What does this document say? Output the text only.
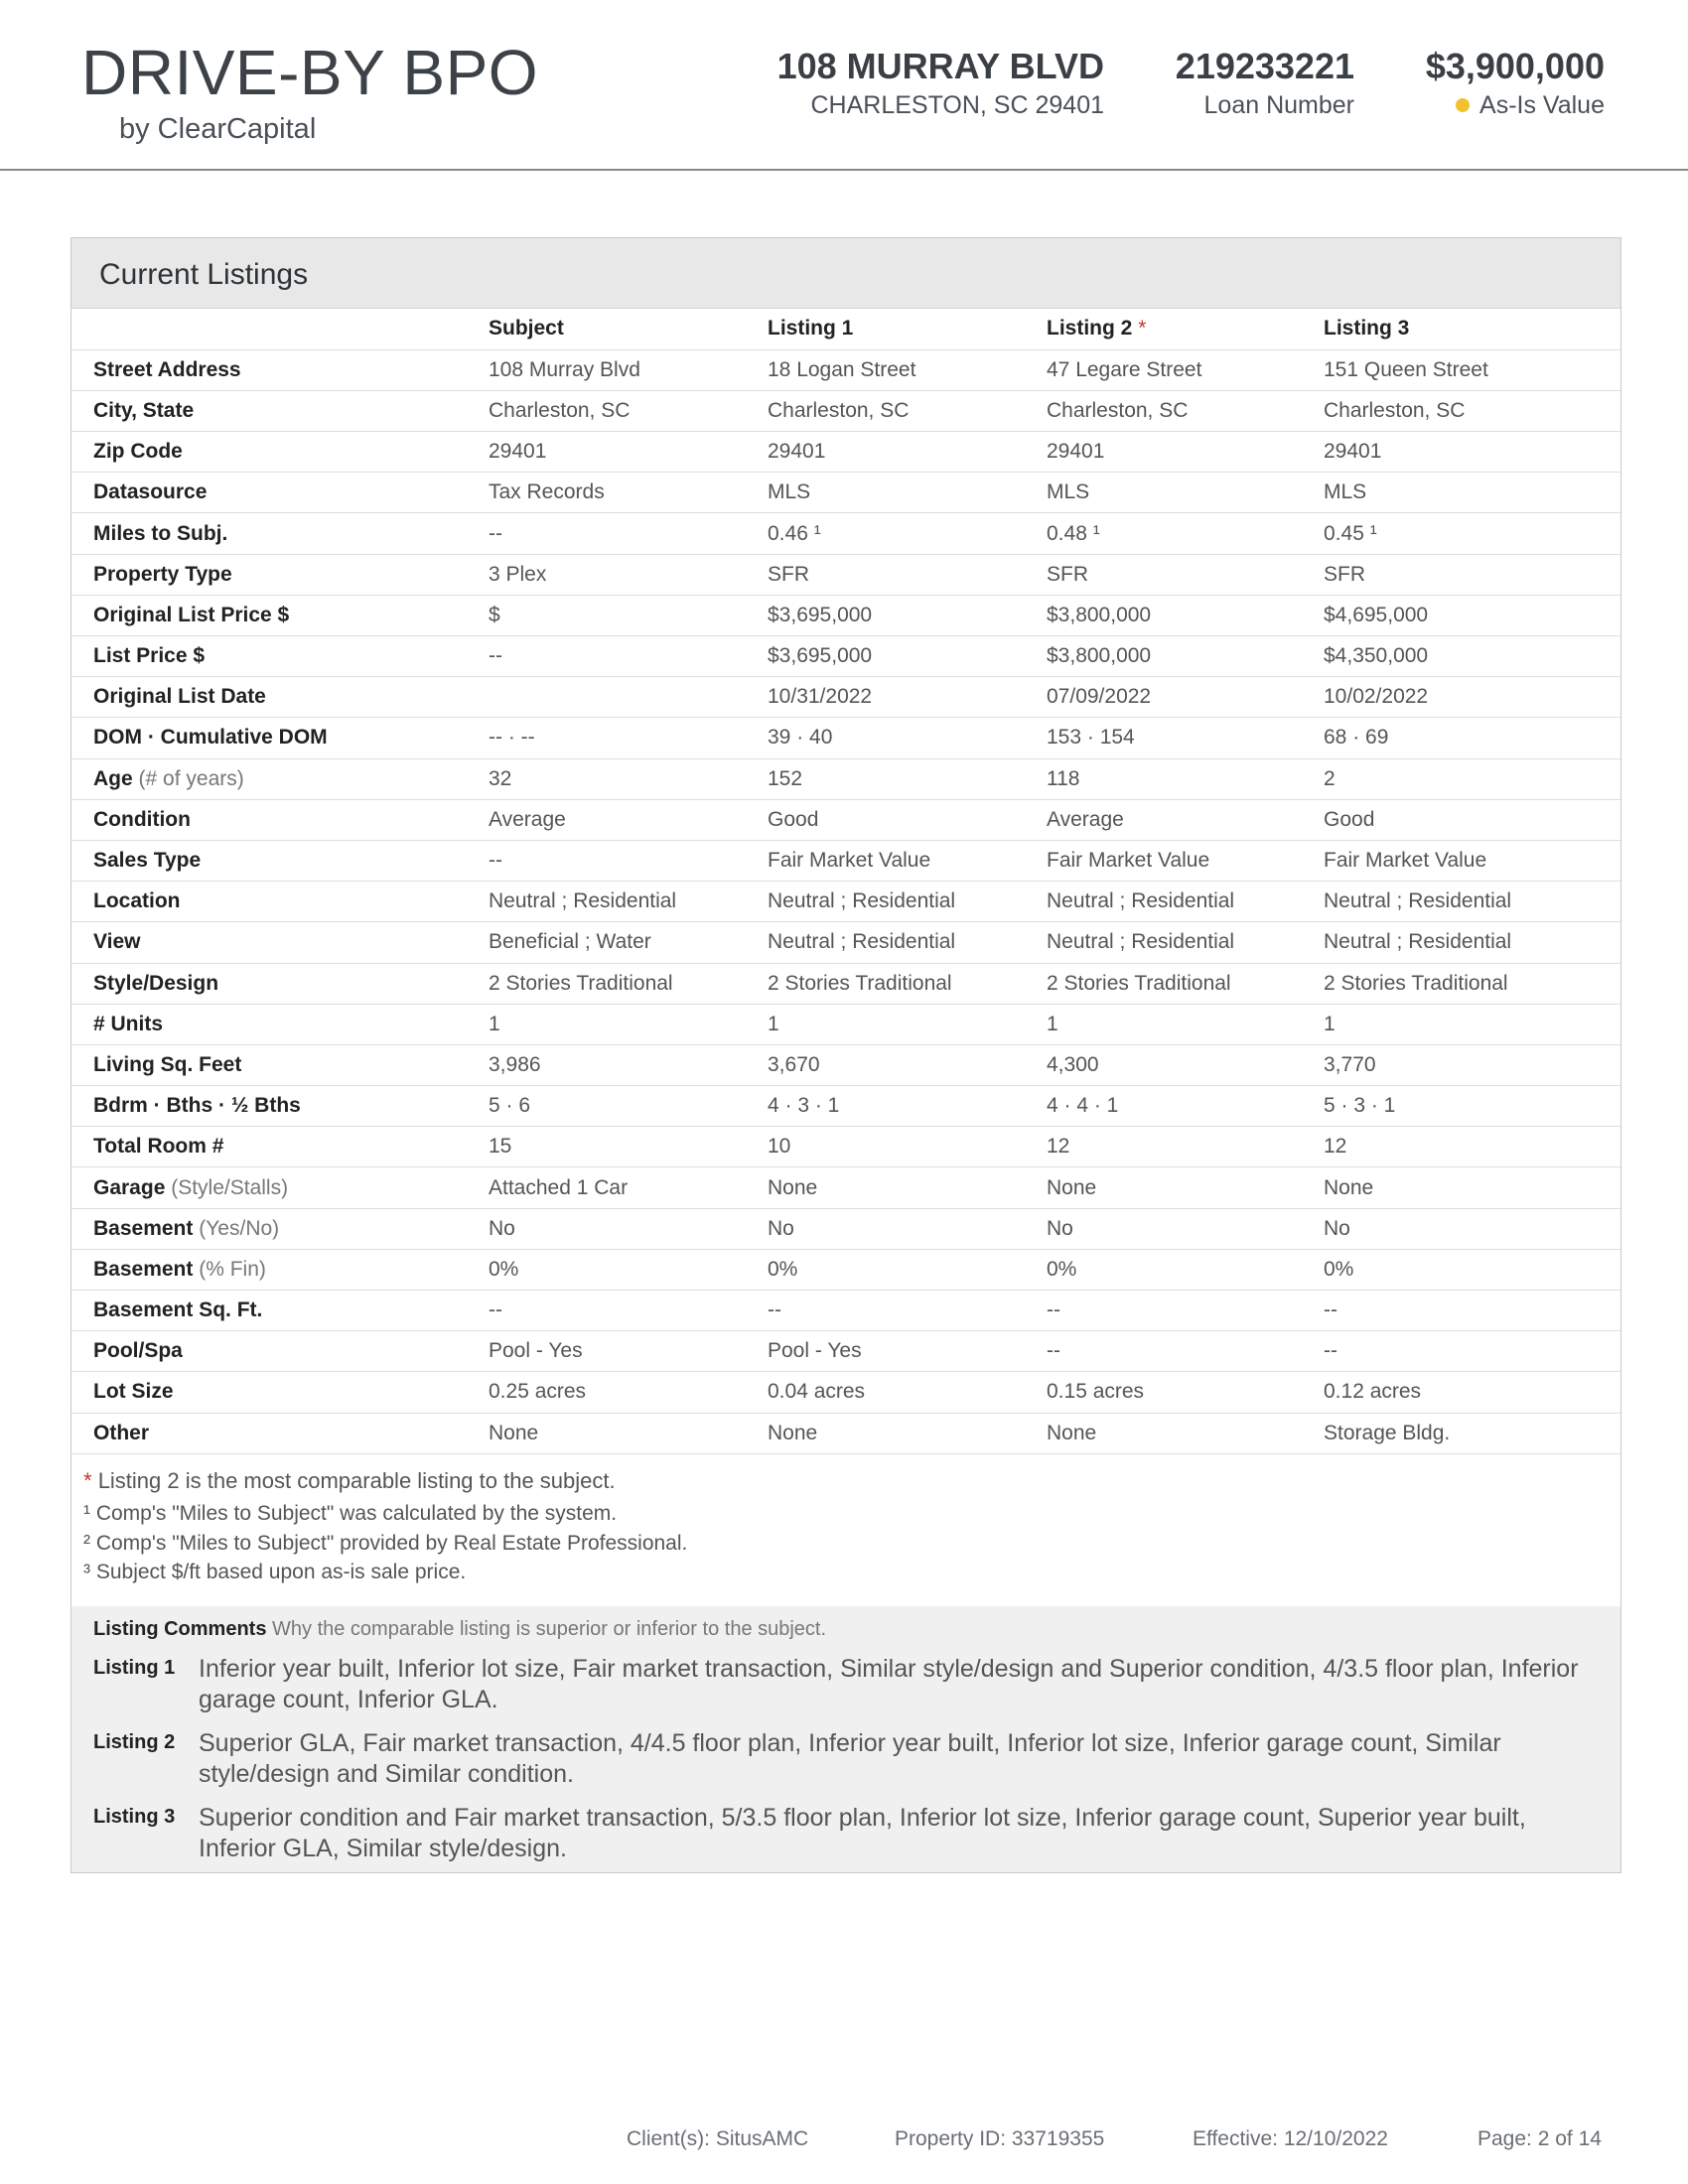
DRIVE-BY BPO
by ClearCapital
108 MURRAY BLVD
CHARLESTON, SC 29401
219233221
Loan Number
$3,900,000
As-Is Value
Current Listings
	Subject	Listing 1	Listing 2 *	Listing 3
Street Address	108 Murray Blvd	18 Logan Street	47 Legare Street	151 Queen Street
City, State	Charleston, SC	Charleston, SC	Charleston, SC	Charleston, SC
Zip Code	29401	29401	29401	29401
Datasource	Tax Records	MLS	MLS	MLS
Miles to Subj.	--	0.46 ¹	0.48 ¹	0.45 ¹
Property Type	3 Plex	SFR	SFR	SFR
Original List Price $	$	$3,695,000	$3,800,000	$4,695,000
List Price $	--	$3,695,000	$3,800,000	$4,350,000
Original List Date		10/31/2022	07/09/2022	10/02/2022
DOM · Cumulative DOM	-- · --	39 · 40	153 · 154	68 · 69
Age (# of years)	32	152	118	2
Condition	Average	Good	Average	Good
Sales Type	--	Fair Market Value	Fair Market Value	Fair Market Value
Location	Neutral ; Residential	Neutral ; Residential	Neutral ; Residential	Neutral ; Residential
View	Beneficial ; Water	Neutral ; Residential	Neutral ; Residential	Neutral ; Residential
Style/Design	2 Stories Traditional	2 Stories Traditional	2 Stories Traditional	2 Stories Traditional
# Units	1	1	1	1
Living Sq. Feet	3,986	3,670	4,300	3,770
Bdrm · Bths · ½ Bths	5 · 6	4 · 3 · 1	4 · 4 · 1	5 · 3 · 1
Total Room #	15	10	12	12
Garage (Style/Stalls)	Attached 1 Car	None	None	None
Basement (Yes/No)	No	No	No	No
Basement (% Fin)	0%	0%	0%	0%
Basement Sq. Ft.	--	--	--	--
Pool/Spa	Pool - Yes	Pool - Yes	--	--
Lot Size	0.25 acres	0.04 acres	0.15 acres	0.12 acres
Other	None	None	None	Storage Bldg.
* Listing 2 is the most comparable listing to the subject.
¹ Comp's "Miles to Subject" was calculated by the system.
² Comp's "Miles to Subject" provided by Real Estate Professional.
³ Subject $/ft based upon as-is sale price.
Listing Comments Why the comparable listing is superior or inferior to the subject.
Listing 1 Inferior year built, Inferior lot size, Fair market transaction, Similar style/design and Superior condition, 4/3.5 floor plan, Inferior garage count, Inferior GLA.
Listing 2 Superior GLA, Fair market transaction, 4/4.5 floor plan, Inferior year built, Inferior lot size, Inferior garage count, Similar style/design and Similar condition.
Listing 3 Superior condition and Fair market transaction, 5/3.5 floor plan, Inferior lot size, Inferior garage count, Superior year built, Inferior GLA, Similar style/design.
Client(s): SitusAMC	Property ID: 33719355	Effective: 12/10/2022	Page: 2 of 14
